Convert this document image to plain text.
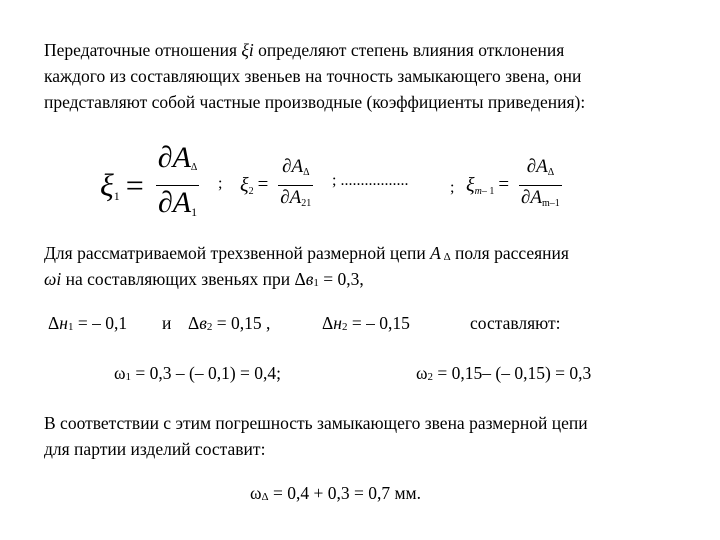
Передаточные отношения ξi определяют степень влияния отклонения
каждого из составляющих звеньев на точность замыкающего звена, они
представляют собой частные производные (коэффициенты приведения):
$\xi 1 = \frac{\partial A\Delta}{\partial A1}$ ; $\xi 2 = \frac{\partial A\Delta}{\partial A21}$ ; .................	; ξm– $1 = \frac{\partial A\Delta}{\partial Am-1}$
Для рассматриваемой трехзвенной размерной цепи A Δ поля рассеяния
ωi на составляющих звеньях при Δв1 = 0,3,
Δн1 = – 0,1 и Δв2 = 0,15 ,	Δн2 = – 0,15	составляют:
ω1 = 0,3 – (– 0,1) = 0,4;	ω2 = 0,15– (– 0,15) = 0,3
В соответствии с этим погрешность замыкающего звена размерной цепи
для партии изделий составит:
ωΔ = 0,4 + 0,3 = 0,7 мм.
